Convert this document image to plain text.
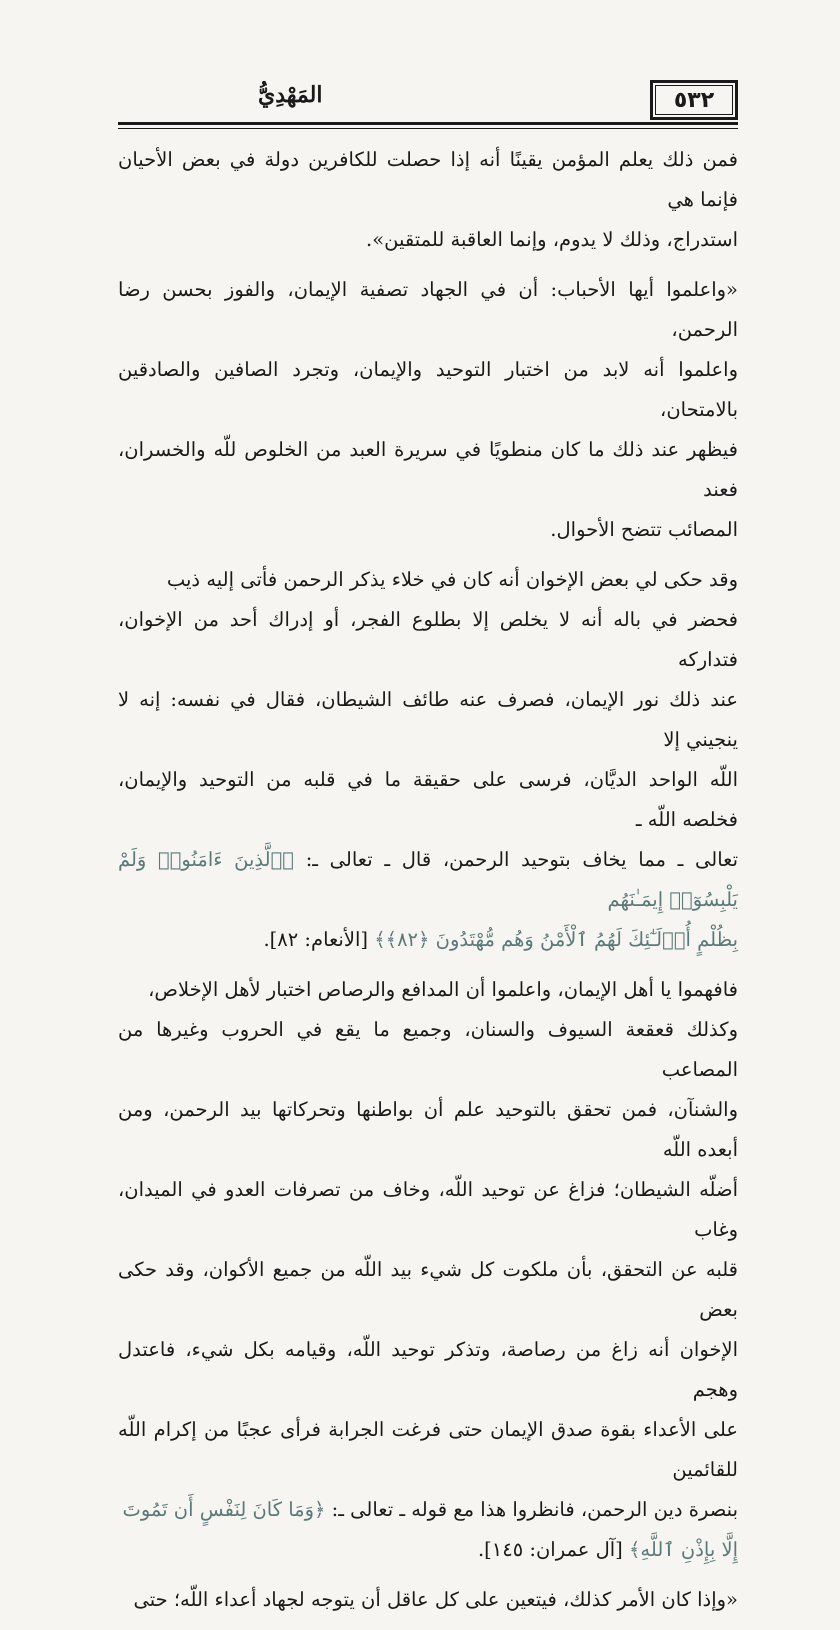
٥٣٢
المَهْدِيُّ

فمن ذلك يعلم المؤمن يقينًا أنه إذا حصلت للكافرين دولة في بعض الأحيان فإنما هي
استدراج، وذلك لا يدوم، وإنما العاقبة للمتقين».

«واعلموا أيها الأحباب: أن في الجهاد تصفية الإيمان، والفوز بحسن رضا الرحمن،
واعلموا أنه لابد من اختبار التوحيد والإيمان، وتجرد الصافين والصادقين بالامتحان،
فيظهر عند ذلك ما كان منطويًا في سريرة العبد من الخلوص للّه والخسران، فعند
المصائب تتضح الأحوال.

وقد حكى لي بعض الإخوان أنه كان في خلاء يذكر الرحمن فأتى إليه ذيب
فحضر في باله أنه لا يخلص إلا بطلوع الفجر، أو إدراك أحد من الإخوان، فتداركه
عند ذلك نور الإيمان، فصرف عنه طائف الشيطان، فقال في نفسه: إنه لا ينجيني إلا
اللّه الواحد الديَّان، فرسى على حقيقة ما في قلبه من التوحيد والإيمان، فخلصه اللّه ـ
تعالى ـ مما يخاف بتوحيد الرحمن، قال ـ تعالى ـ: ﴿ٱلَّذِينَ ءَامَنُوا۟ وَلَمْ يَلْبِسُوٓا۟ إِيمَـٰنَهُم
بِظُلْمٍ أُو۟لَـٰٓئِكَ لَهُمُ ٱلْأَمْنُ وَهُم مُّهْتَدُونَ ﴿٨٢﴾﴾ [الأنعام: ٨٢].

فافهموا يا أهل الإيمان، واعلموا أن المدافع والرصاص اختبار لأهل الإخلاص،
وكذلك قعقعة السيوف والسنان، وجميع ما يقع في الحروب وغيرها من المصاعب
والشنآن، فمن تحقق بالتوحيد علم أن بواطنها وتحركاتها بيد الرحمن، ومن أبعده اللّه
أضلّه الشيطان؛ فزاغ عن توحيد اللّه، وخاف من تصرفات العدو في الميدان، وغاب
قلبه عن التحقق، بأن ملكوت كل شيء بيد اللّه من جميع الأكوان، وقد حكى بعض
الإخوان أنه زاغ من رصاصة، وتذكر توحيد اللّه، وقيامه بكل شيء، فاعتدل وهجم
على الأعداء بقوة صدق الإيمان حتى فرغت الجرابة فرأى عجبًا من إكرام اللّه للقائمين
بنصرة دين الرحمن، فانظروا هذا مع قوله ـ تعالى ـ: ﴿وَمَا كَانَ لِنَفْسٍ أَن تَمُوتَ
إِلَّا بِإِذْنِ ٱللَّهِ﴾ [آل عمران: ١٤٥].

«وإذا كان الأمر كذلك، فيتعين على كل عاقل أن يتوجه لجهاد أعداء اللّه؛ حتى
